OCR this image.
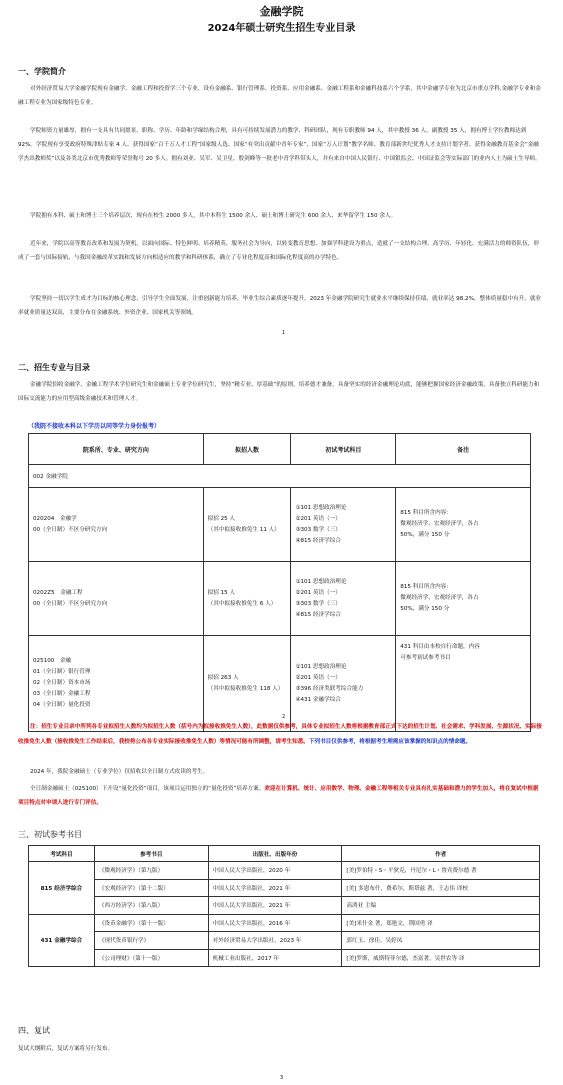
金融学院
2024年硕士研究生招生专业目录
一、学院简介

对外经济贸易大学金融学院现有金融学、金融工程和投资学三个专业，设有金融系、银行管理系、投资系、应用金融系、金融工程系和金融科技系六个学系，其中金融学专业为北京市重点学科,金融学专业和金融工程专业为国家级特色专业。

学院师资力量雄厚，拥有一支具有共同愿景，职称、学历、年龄和学缘结构合理，具有可持续发展潜力的教学、科研团队，现有专职教师 94 人，其中教授 36 人，副教授 35 人，拥有博士学位教师达到 92%。学院现有享受政府特殊津贴专家 4 人、获得国家“百千万人才工程”国家级人选、国家“有突出贡献中青年专家”、国家“万人计划”教学名师、教育部新世纪优秀人才支持计划学者、获得金融教育基金会“金融学杰出教师奖”以及各类北京市优秀教师等荣誉称号 20 多人。拥有刘亚、吴军、吴卫星、殷剑峰等一批老中青学科带头人，并有来自中国人民银行、中国银监会、中国证监会等实际部门的业内人士为硕士生导师。

学院拥有本科、硕士和博士三个培养层次，现有在校生 2000 多人，其中本科生 1500 余人、硕士和博士研究生 600 余人、来华留学生 150 余人。

近年来，学院以高等教育改革和发展为契机，以面向国际、特色鲜明、培养精英、服务社会为导向，以转变教育思想、加强学科建设为重点，造就了一支结构合理、高学历、年轻化、充满活力的师资队伍，形成了一套与国际接轨、与我国金融改革实践和发展方向相适应的教学和科研体系，确立了专业化程度高和国际化程度高的办学特色。

学院坚持一切以学生成才为目标的核心理念，引导学生全面发展，注重创新能力培养，毕业生综合素质逐年提升。2023 年金融学院研究生就业水平继续保持佳绩，就业率达 98.2%，整体质量稳中有升，就业率就业质量达双高，主要分布在金融系统、外资企业、国家机关等领域。

1
二、招生专业与目录

金融学院招收金融学、金融工程学术学位研究生和金融硕士专业学位研究生，坚持“精专业、厚基础”的原则，培养德才兼备，具备坚实的经济金融理论功底，能够把握国家经济金融政策，具备独立科研能力和国际交流能力的应用型高级金融技术和管理人才。

（我院不接收本科以下学历以同等学力身份报考）
院系所、专业、研究方向	拟招人数	初试考试科目	备注
002 金融学院			

020204　金融学
00（全日制）不区分研究方向	拟招 25 人
（其中拟接收推免生 11 人）	①101 思想政治理论
②201 英语（一）
③303 数学（三）
④815 经济学综合	815 科目所含内容：
微观经济学、宏观经济学，各占
50%，满分 150 分

0202Z5　金融工程
00（全日制）不区分研究方向	拟招 15 人
（其中拟接收推免生 6 人）	①101 思想政治理论
②201 英语（一）
③303 数学（三）
④815 经济学综合	815 科目所含内容：
微观经济学、宏观经济学，各占
50%，满分 150 分

025100　金融
01（全日制）银行管理
02（全日制）资本市场
03（全日制）金融工程
04（全日制）量化投资	拟招 263 人
（其中拟接收推免生 118 人）	①101 思想政治理论
②201 英语（一）
③396 经济类联考综合能力
④431 金融学综合	431 科目由本校自行命题，内容
可参考初试参考书目
2

注：招生专业目录中所列各专业拟招生人数均为拟招生人数（括号内为拟接收推免生人数），此数据仅供参考，具体专业拟招生人数将根据教育部正式下达的招生计划、社会需求、学科发展、生源状况、实际接收推免生人数（接收推免生工作结束后，我校将公布各专业实际接收推免生人数）等情况可能有所调整，请考生知悉。下列书目仅供参考，将根据考生理需应该掌握的知识点的情命题。

2024 年，我院金融硕士（专业学位）仅招收以全日制方式攻读的考生。

全日制金融硕士（025100）下开设“量化投资”项目，该项目运用独立的“量化投资”培养方案。欢迎在计算机、统计、应用数学、物理、金融工程等相关专业具有扎实基础和潜力的学生加入，将在复试中根据项目特点对申请人进行专门评估。

三、初试参考书目
考试科目	参考书目	出版社、出版年份	作者
815 经济学综合	《微观经济学》（第九版）	中国人民大学出版社，2020 年	[美]罗伯特・S・平狄克，丹尼尔・L・鲁宾费尔德 著
	《宏观经济学》（第十二版）	中国人民大学出版社，2021 年	[美] 多恩布什，费希尔，斯塔兹 著，王志伟 译校
	《西方经济学》（第八版）	中国人民大学出版社，2021 年	高鸿业 主编
431 金融学综合	《货币金融学》（第十一版）	中国人民大学出版社，2016 年	[美]米什金 著，郑艳文，荆国勇 译
	《现代货币银行学》	对外经济贸易大学出版社，2023 年	郭红玉、徐佳、吴婷凤
	《公司理财》（第十一版）	机械工业出版社，2017 年	[美]罗斯，威斯特菲尔德，杰富著，吴世农等 译
四、复试

复试大纲附后，复试方案将另行发布。

3
